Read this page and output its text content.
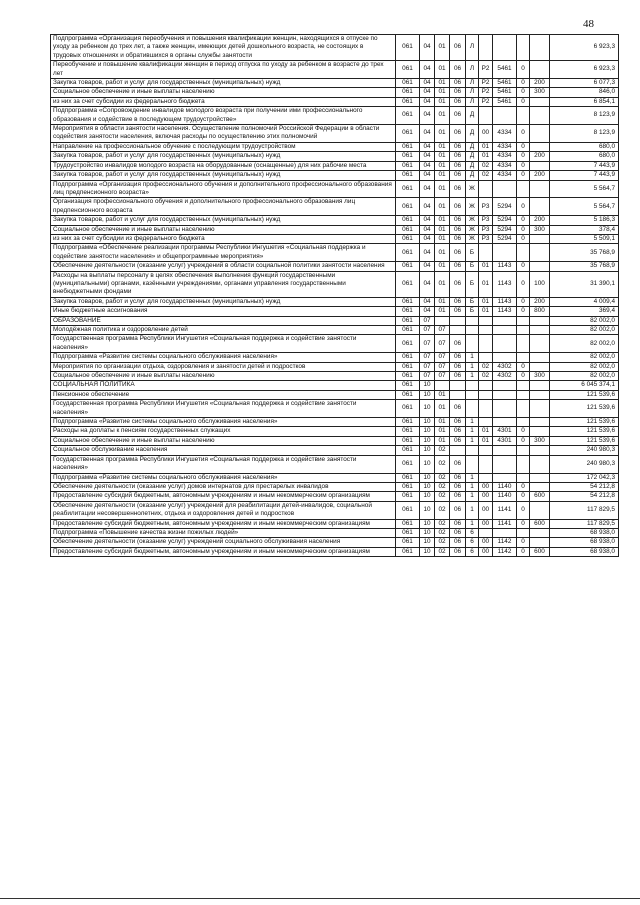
48
Подпрограмма «Организация переобучения и повышения квалификации женщин, находящихся в отпуске по уходу за ребенком до трех лет, а также женщин, имеющих детей дошкольного возраста, не состоящих в трудовых отношениях и обратившихся в органы службы занятости	061	04	01	06	Л					6 923,3
Переобучение и повышение квалификации женщин в период отпуска по уходу за ребенком в возрасте до трех лет	061	04	01	06	Л	Р2	5461	0		6 923,3
Закупка товаров, работ и услуг для государственных (муниципальных) нужд	061	04	01	06	Л	Р2	5461	0	200	6 077,3
Социальное обеспечение и иные выплаты населению	061	04	01	06	Л	Р2	5461	0	300	846,0
из них за счет субсидии из федерального бюджета	061	04	01	06	Л	Р2	5461	0		6 854,1
Подпрограмма «Сопровождение инвалидов молодого возраста при получении ими профессионального образования и содействие в последующем трудоустройстве»	061	04	01	06	Д					8 123,9
Мероприятия в области занятости населения. Осуществление полномочий Российской Федерации в области содействия занятости населения, включая расходы по осуществлению этих полномочий	061	04	01	06	Д	00	4334	0		8 123,9
Направление на профессиональное обучение с последующим трудоустройством	061	04	01	06	Д	01	4334	0		680,0
Закупка товаров, работ и услуг для государственных (муниципальных) нужд	061	04	01	06	Д	01	4334	0	200	680,0
Трудоустройство инвалидов молодого возраста на оборудованные (оснащенные) для них рабочие места	061	04	01	06	Д	02	4334	0		7 443,9
Закупка товаров, работ и услуг для государственных (муниципальных) нужд	061	04	01	06	Д	02	4334	0	200	7 443,9
Подпрограмма «Организация профессионального обучения и дополнительного профессионального образования лиц предпенсионного возраста»	061	04	01	06	Ж					5 564,7
Организация профессионального обучения и дополнительного профессионального образования лиц предпенсионного возраста	061	04	01	06	Ж	Р3	5294	0		5 564,7
Закупка товаров, работ и услуг для государственных (муниципальных) нужд	061	04	01	06	Ж	Р3	5294	0	200	5 186,3
Социальное обеспечение и иные выплаты населению	061	04	01	06	Ж	Р3	5294	0	300	378,4
из них за счет субсидии из федерального бюджета	061	04	01	06	Ж	Р3	5294	0		5 509,1
Подпрограмма «Обеспечение реализации программы Республики Ингушетия «Социальная поддержка и содействие занятости населения» и общепрограммные мероприятия»	061	04	01	06	Б					35 768,9
Обеспечение деятельности (оказание услуг) учреждений в области социальной политики занятости населения	061	04	01	06	Б	01	1143	0		35 768,9
Расходы на выплаты персоналу в целях обеспечения выполнения функций государственными (муниципальными) органами, казёнными учреждениями, органами управления государственными внебюджетными фондами	061	04	01	06	Б	01	1143	0	100	31 390,1
Закупка товаров, работ и услуг для государственных (муниципальных) нужд	061	04	01	06	Б	01	1143	0	200	4 009,4
Иные бюджетные ассигнования	061	04	01	06	Б	01	1143	0	800	369,4
ОБРАЗОВАНИЕ	061	07								82 002,0
Молодёжная политика и оздоровление детей	061	07	07							82 002,0
Государственная программа Республики Ингушетия «Социальная поддержка и содействие занятости населения»	061	07	07	06						82 002,0
Подпрограмма «Развитие системы социального обслуживания населения»	061	07	07	06	1					82 002,0
Мероприятия по организации отдыха, оздоровления и занятости детей и подростков	061	07	07	06	1	02	4302	0		82 002,0
Социальное обеспечение и иные выплаты населению	061	07	07	06	1	02	4302	0	300	82 002,0
СОЦИАЛЬНАЯ ПОЛИТИКА	061	10								6 045 374,1
Пенсионное обеспечение	061	10	01							121 539,6
Государственная программа Республики Ингушетия «Социальная поддержка и содействие занятости населения»	061	10	01	06						121 539,6
Подпрограмма «Развитие системы социального обслуживания населения»	061	10	01	06	1					121 539,6
Расходы на доплаты к пенсиям государственных служащих	061	10	01	06	1	01	4301	0		121 539,6
Социальное обеспечение и иные выплаты населению	061	10	01	06	1	01	4301	0	300	121 539,6
Социальное обслуживание населения	061	10	02							240 980,3
Государственная программа Республики Ингушетия «Социальная поддержка и содействие занятости населения»	061	10	02	06						240 980,3
Подпрограмма «Развитие системы социального обслуживания населения»	061	10	02	06	1					172 042,3
Обеспечение деятельности (оказание услуг) домов интернатов для престарелых инвалидов	061	10	02	06	1	00	1140	0		54 212,8
Предоставление субсидий бюджетным, автономным учреждениям и иным некоммерческим организациям	061	10	02	06	1	00	1140	0	600	54 212,8
Обеспечение деятельности (оказание услуг) учреждений для реабилитации детей-инвалидов, социальной реабилитации несовершеннолетних, отдыха и оздоровления детей и подростков	061	10	02	06	1	00	1141	0		117 829,5
Предоставление субсидий бюджетным, автономным учреждениям и иным некоммерческим организациям	061	10	02	06	1	00	1141	0	600	117 829,5
Подпрограмма «Повышение качества жизни пожилых людей»	061	10	02	06	6					68 938,0
Обеспечение деятельности (оказание услуг) учреждений социального обслуживания населения	061	10	02	06	6	00	1142	0		68 938,0
Предоставление субсидий бюджетным, автономным учреждениям и иным некоммерческим организациям	061	10	02	06	6	00	1142	0	600	68 938,0
